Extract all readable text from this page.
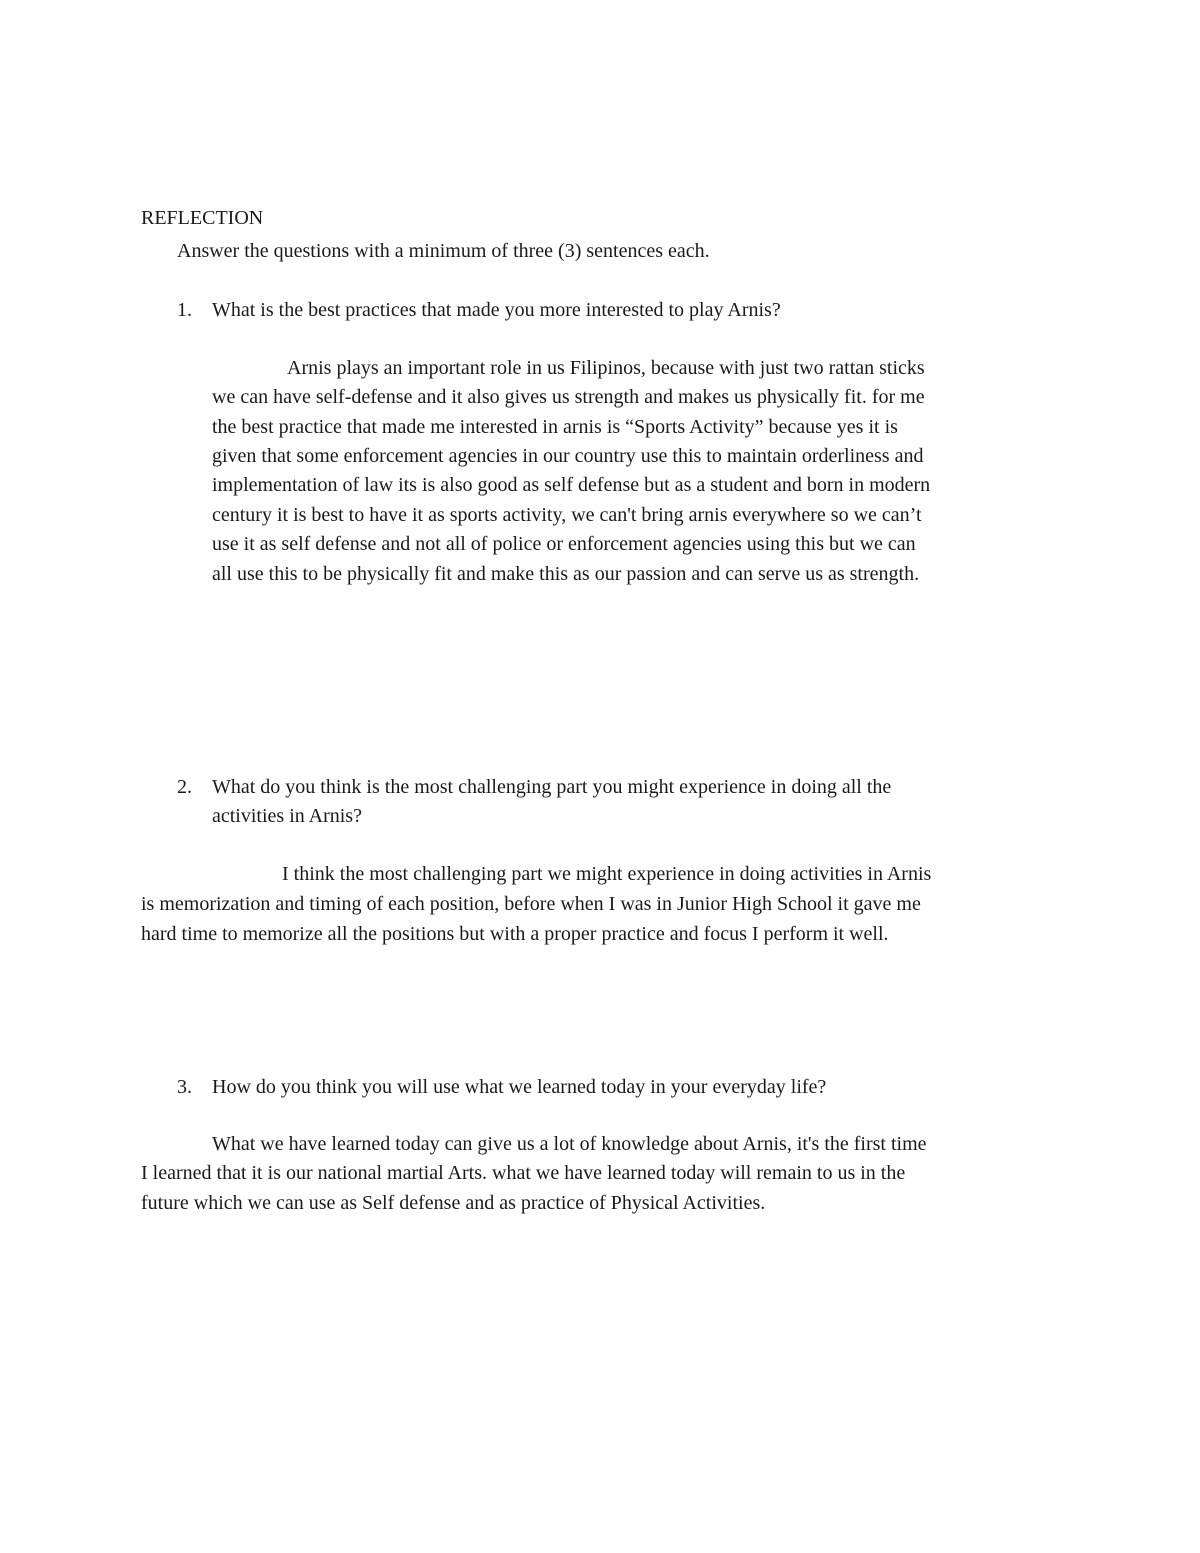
REFLECTION

Answer the questions with a minimum of three (3) sentences each.

1. What is the best practices that made you more interested to play Arnis?

Arnis plays an important role in us Filipinos, because with just two rattan sticks

we can have self-defense and it also gives us strength and makes us physically fit. for me

the best practice that made me interested in arnis is “Sports Activity” because yes it is

given that some enforcement agencies in our country use this to maintain orderliness and

implementation of law its is also good as self defense but as a student and born in modern

century it is best to have it as sports activity, we can't bring arnis everywhere so we can’t

use it as self defense and not all of police or enforcement agencies using this but we can

all use this to be physically fit and make this as our passion and can serve us as strength.

2. What do you think is the most challenging part you might experience in doing all the

activities in Arnis?

I think the most challenging part we might experience in doing activities in Arnis

is memorization and timing of each position, before when I was in Junior High School it gave me

hard time to memorize all the positions but with a proper practice and focus I perform it well.

3. How do you think you will use what we learned today in your everyday life?

What we have learned today can give us a lot of knowledge about Arnis, it's the first time

I learned that it is our national martial Arts. what we have learned today will remain to us in the

future which we can use as Self defense and as practice of Physical Activities.
